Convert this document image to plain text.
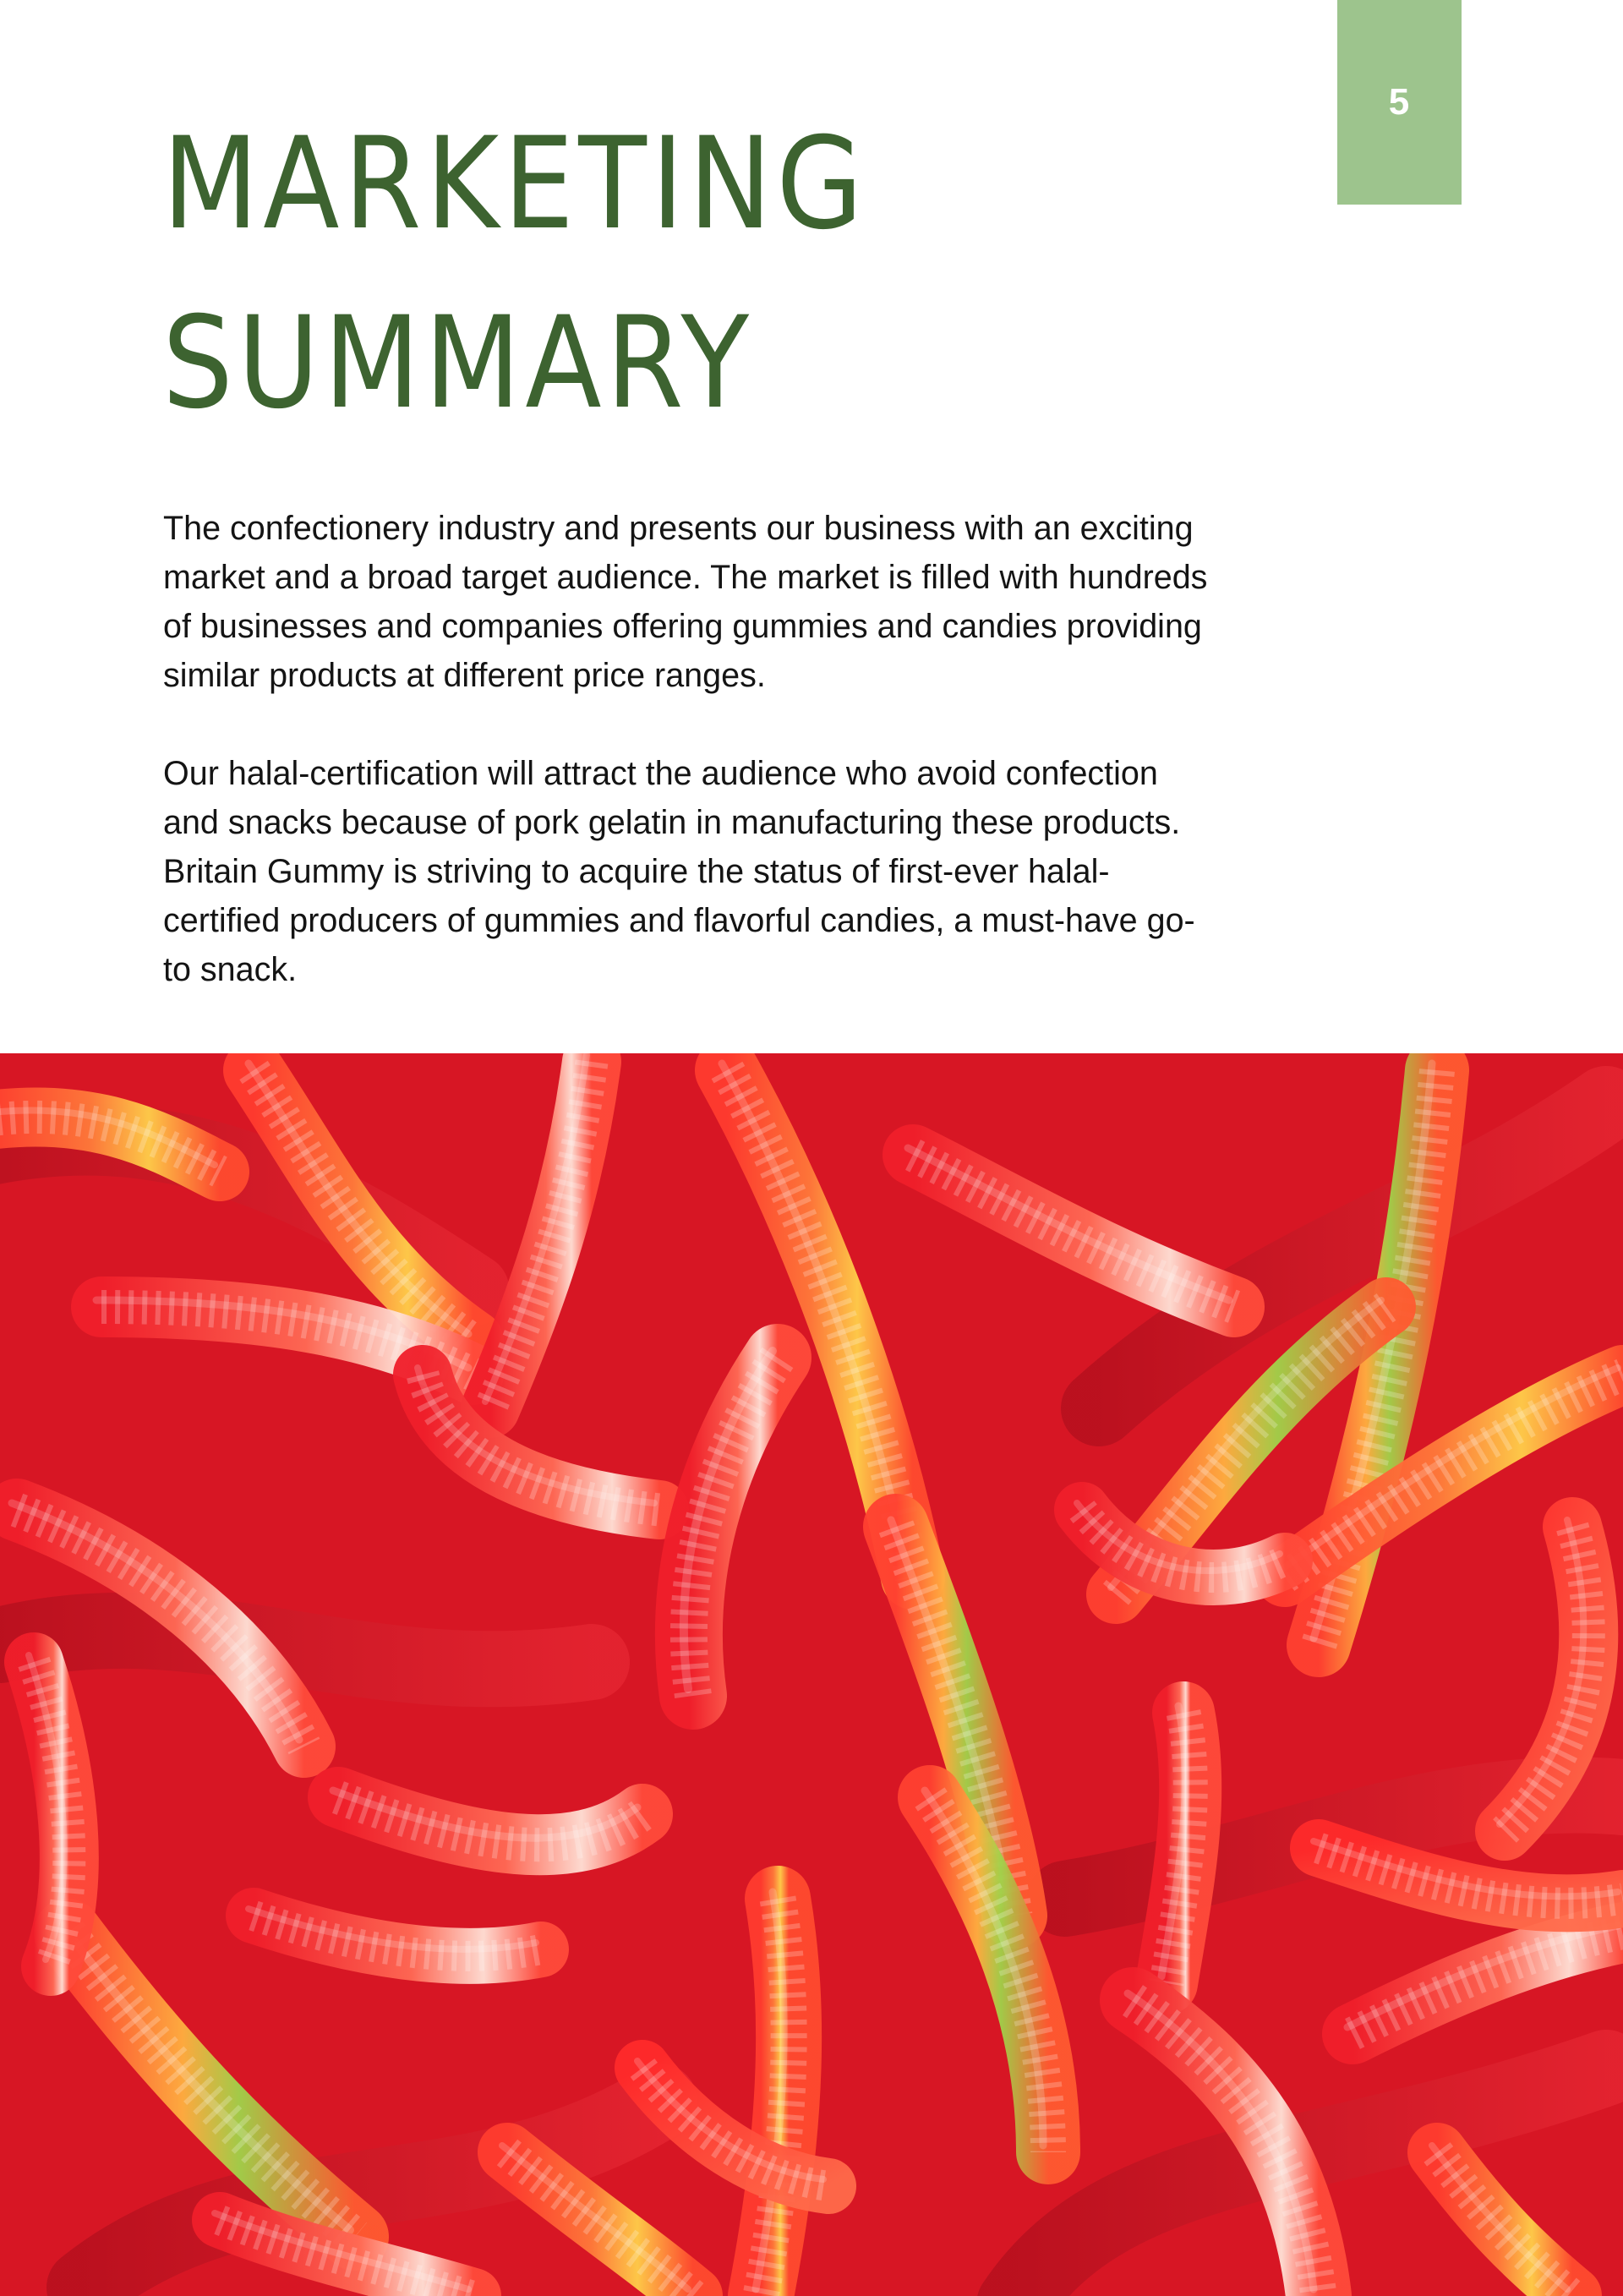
5
MARKETING
SUMMARY

The confectionery industry and presents our business with an exciting market and a broad target audience. The market is filled with hundreds of businesses and companies offering gummies and candies providing similar products at different price ranges.

Our halal-certification will attract the audience who avoid confection and snacks because of pork gelatin in manufacturing these products. Britain Gummy is striving to acquire the status of first-ever halal-certified producers of gummies and flavorful candies, a must-have go-to snack.
